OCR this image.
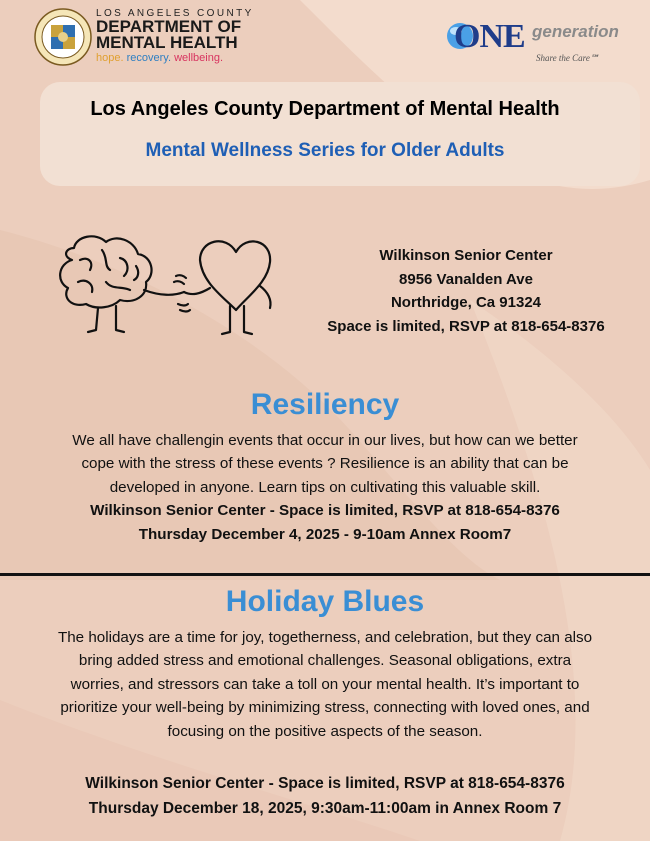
LOS ANGELES COUNTY
DEPARTMENT OF
MENTAL HEALTH
hope. recovery. wellbeing.
ONE generation
Share the Care℠
Los Angeles County Department of Mental Health
Mental Wellness Series for Older Adults
Wilkinson Senior Center
8956 Vanalden Ave
Northridge, Ca 91324
Space is limited, RSVP at 818-654-8376
Resiliency
We all have challengin events that occur in our lives, but how can we better
cope with the stress of these events ? Resilience is an ability that can be
developed in anyone. Learn tips on cultivating this valuable skill.
Wilkinson Senior Center - Space is limited, RSVP at 818-654-8376
Thursday December 4, 2025 - 9-10am Annex Room7
Holiday Blues
The holidays are a time for joy, togetherness, and celebration, but they can also
bring added stress and emotional challenges. Seasonal obligations, extra
worries, and stressors can take a toll on your mental health. It’s important to
prioritize your well-being by minimizing stress, connecting with loved ones, and
focusing on the positive aspects of the season.
Wilkinson Senior Center - Space is limited, RSVP at 818-654-8376
Thursday December 18, 2025, 9:30am-11:00am in Annex Room 7
